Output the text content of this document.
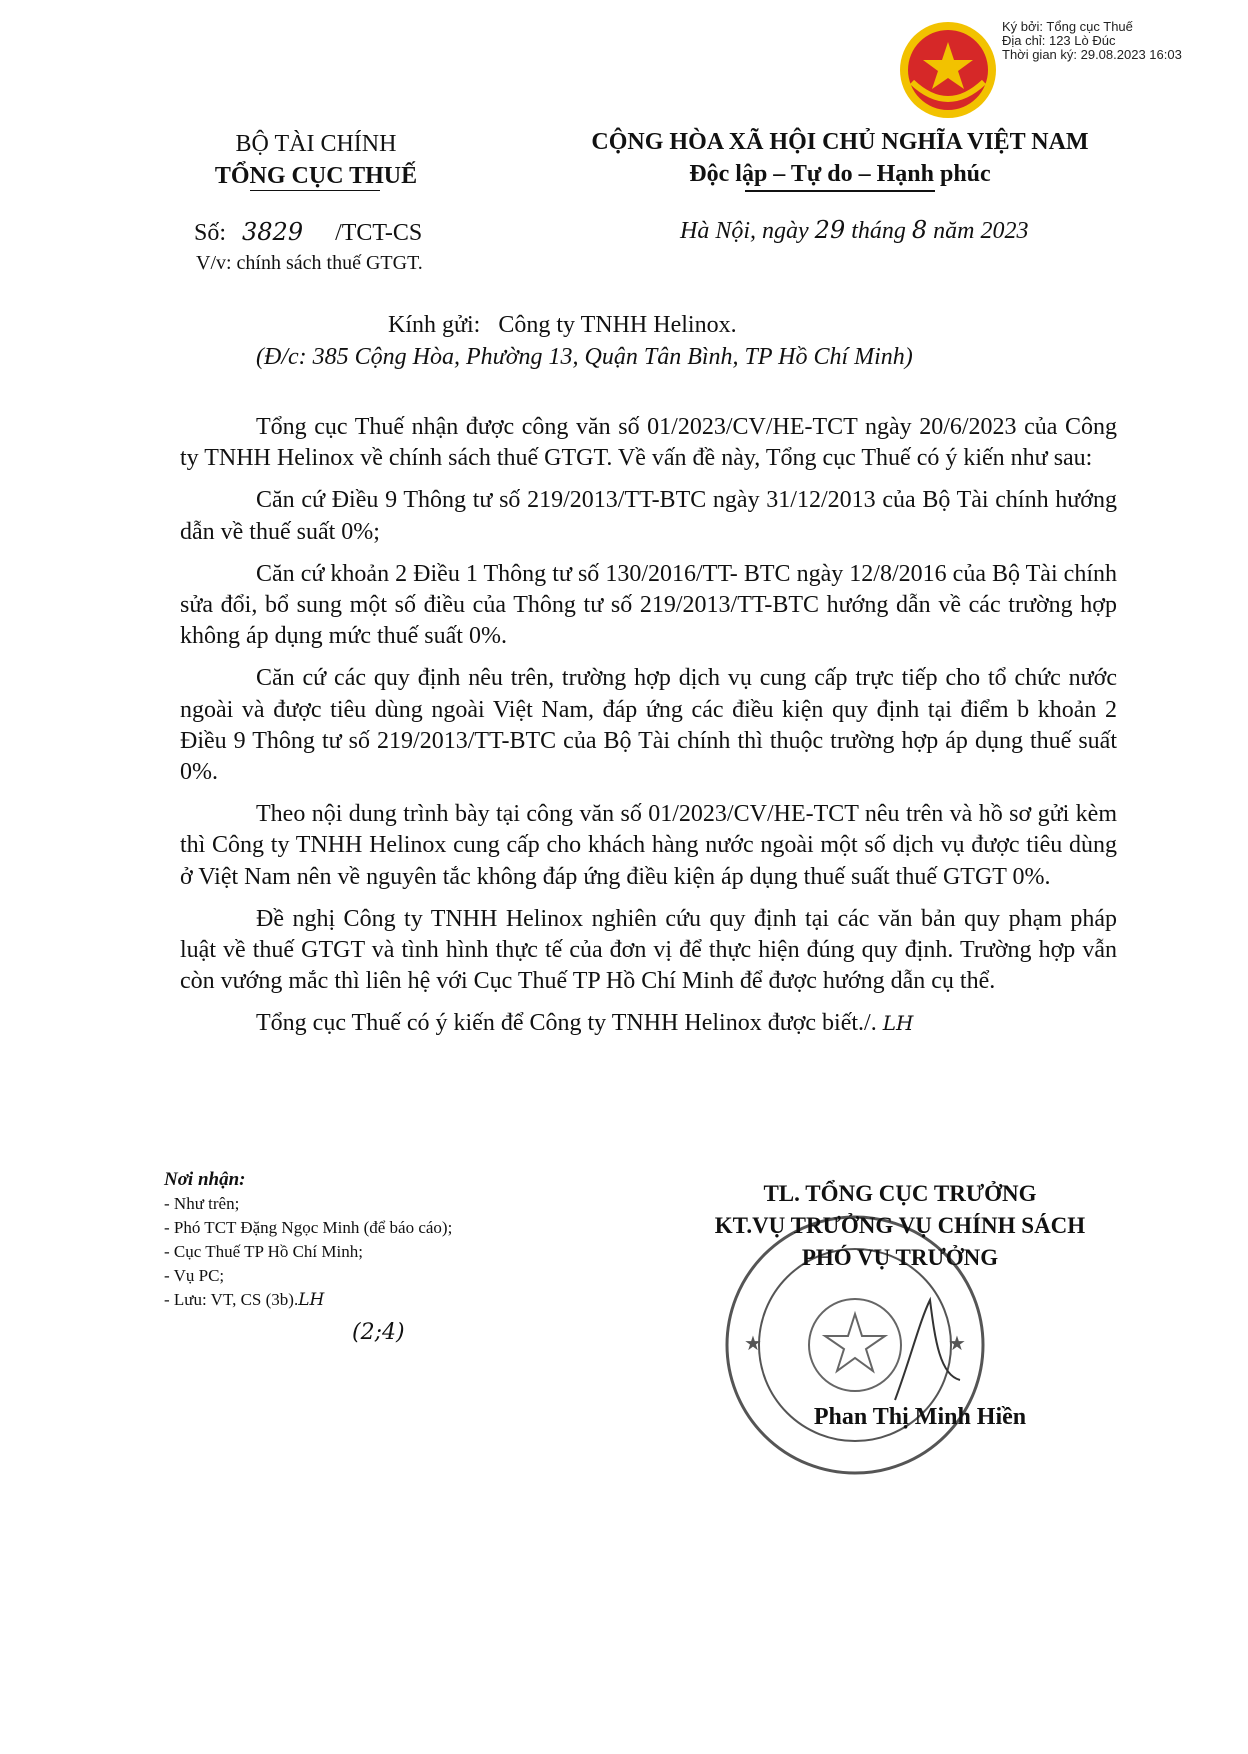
Ký bởi: Tổng cục Thuế
Địa chỉ: 123 Lò Đúc
Thời gian ký: 29.08.2023 16:03
BỘ TÀI CHÍNH
TỔNG CỤC THUẾ
CỘNG HÒA XÃ HỘI CHỦ NGHĨA VIỆT NAM
Độc lập – Tự do – Hạnh phúc
Số: 3829 /TCT-CS
V/v: chính sách thuế GTGT.
Hà Nội, ngày 29 tháng 8 năm 2023
Kính gửi:   Công ty TNHH Helinox.
(Đ/c: 385 Cộng Hòa, Phường 13, Quận Tân Bình, TP Hồ Chí Minh)

Tổng cục Thuế nhận được công văn số 01/2023/CV/HE-TCT ngày 20/6/2023 của Công ty TNHH Helinox về chính sách thuế GTGT. Về vấn đề này, Tổng cục Thuế có ý kiến như sau:

Căn cứ Điều 9 Thông tư số 219/2013/TT-BTC ngày 31/12/2013 của Bộ Tài chính hướng dẫn về thuế suất 0%;

Căn cứ khoản 2 Điều 1 Thông tư số 130/2016/TT- BTC ngày 12/8/2016 của Bộ Tài chính sửa đổi, bổ sung một số điều của Thông tư số 219/2013/TT-BTC hướng dẫn về các trường hợp không áp dụng mức thuế suất 0%.

Căn cứ các quy định nêu trên, trường hợp dịch vụ cung cấp trực tiếp cho tổ chức nước ngoài và được tiêu dùng ngoài Việt Nam, đáp ứng các điều kiện quy định tại điểm b khoản 2 Điều 9 Thông tư số 219/2013/TT-BTC của Bộ Tài chính thì thuộc trường hợp áp dụng thuế suất 0%.

Theo nội dung trình bày tại công văn số 01/2023/CV/HE-TCT nêu trên và hồ sơ gửi kèm thì Công ty TNHH Helinox cung cấp cho khách hàng nước ngoài một số dịch vụ được tiêu dùng ở Việt Nam nên về nguyên tắc không đáp ứng điều kiện áp dụng thuế suất thuế GTGT 0%.

Đề nghị Công ty TNHH Helinox nghiên cứu quy định tại các văn bản quy phạm pháp luật về thuế GTGT và tình hình thực tế của đơn vị để thực hiện đúng quy định. Trường hợp vẫn còn vướng mắc thì liên hệ với Cục Thuế TP Hồ Chí Minh để được hướng dẫn cụ thể.

Tổng cục Thuế có ý kiến để Công ty TNHH Helinox được biết./. LH

Nơi nhận:
- Như trên;
- Phó TCT Đặng Ngọc Minh (để báo cáo);
- Cục Thuế TP Hồ Chí Minh;
- Vụ PC;
- Lưu: VT, CS (3b).LH
(2;4)	★	★
TL. TỔNG CỤC TRƯỞNG
KT.VỤ TRƯỞNG VỤ CHÍNH SÁCH
PHÓ VỤ TRƯỞNG
Phan Thị Minh Hiền
